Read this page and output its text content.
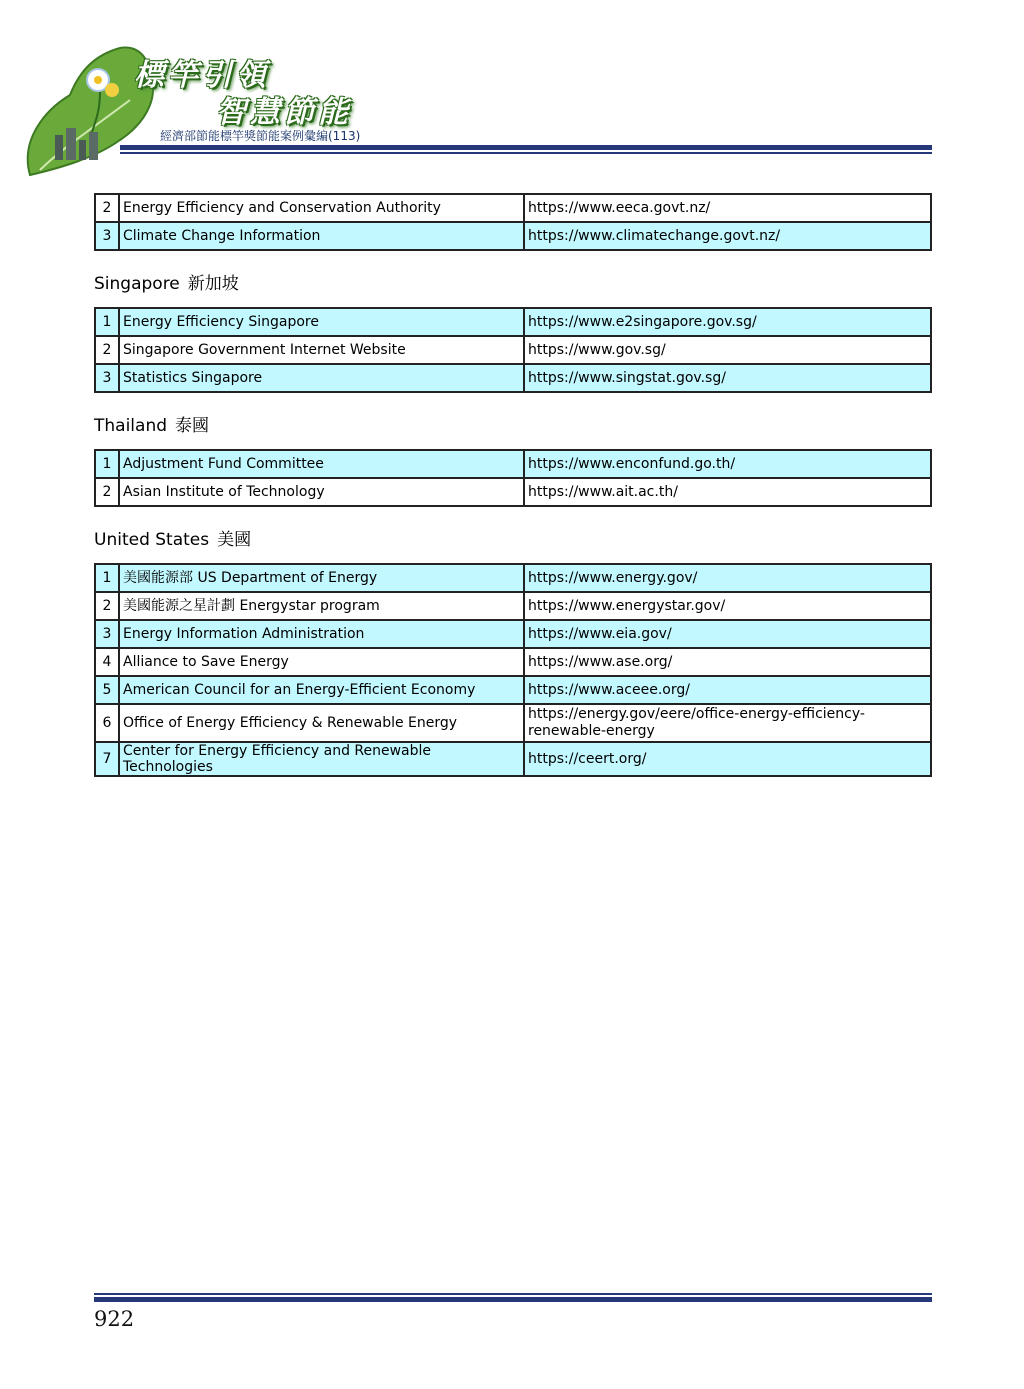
標竿引領
智慧節能
經濟部節能標竿獎節能案例彙編(113)
2	Energy Efficiency and Conservation Authority	https://www.eeca.govt.nz/
3	Climate Change Information	https://www.climatechange.govt.nz/
Singapore 新加坡
1	Energy Efficiency Singapore	https://www.e2singapore.gov.sg/
2	Singapore Government Internet Website	https://www.gov.sg/
3	Statistics Singapore	https://www.singstat.gov.sg/
Thailand 泰國
1	Adjustment Fund Committee	https://www.enconfund.go.th/
2	Asian Institute of Technology	https://www.ait.ac.th/
United States 美國
1	美國能源部 US Department of Energy	https://www.energy.gov/
2	美國能源之星計劃 Energystar program	https://www.energystar.gov/
3	Energy Information Administration	https://www.eia.gov/
4	Alliance to Save Energy	https://www.ase.org/
5	American Council for an Energy-Efficient Economy	https://www.aceee.org/
6	Office of Energy Efficiency & Renewable Energy	https://energy.gov/eere/office-energy-efficiency-renewable-energy
7	Center for Energy Efficiency and Renewable Technologies	https://ceert.org/
922
